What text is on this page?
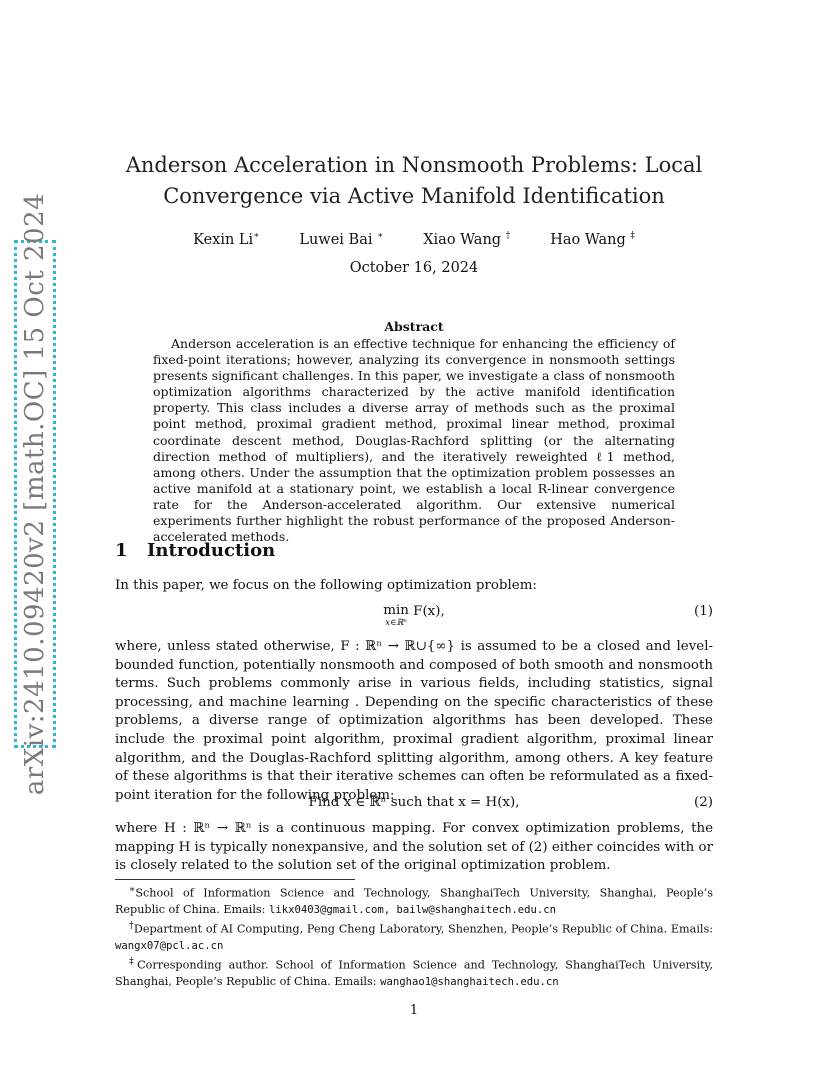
arXiv:2410.09420v2 [math.OC] 15 Oct 2024
Anderson Acceleration in Nonsmooth Problems: Local
Convergence via Active Manifold Identification
Kexin Li∗	Luwei Bai ∗	Xiao Wang †	Hao Wang ‡
October 16, 2024
Abstract
Anderson acceleration is an effective technique for enhancing the efficiency of fixed-point iterations; however, analyzing its convergence in nonsmooth settings presents significant challenges. In this paper, we investigate a class of nonsmooth optimization algorithms characterized by the active manifold identification property. This class includes a diverse array of methods such as the proximal point method, proximal gradient method, proximal linear method, proximal coordinate descent method, Douglas-Rachford splitting (or the alternating direction method of multipliers), and the iteratively reweighted ℓ1 method, among others. Under the assumption that the optimization problem possesses an active manifold at a stationary point, we establish a local R-linear convergence rate for the Anderson-accelerated algorithm. Our extensive numerical experiments further highlight the robust performance of the proposed Anderson-accelerated methods.
1 Introduction
In this paper, we focus on the following optimization problem:
min
x∈ℝⁿ
F(x),	(1)
where, unless stated otherwise, F : ℝⁿ → ℝ∪{∞} is assumed to be a closed and level-bounded function, potentially nonsmooth and composed of both smooth and nonsmooth terms. Such problems commonly arise in various fields, including statistics, signal processing, and machine learning . Depending on the specific characteristics of these problems, a diverse range of optimization algorithms has been developed. These include the proximal point algorithm, proximal gradient algorithm, proximal linear algorithm, and the Douglas-Rachford splitting algorithm, among others. A key feature of these algorithms is that their iterative schemes can often be reformulated as a fixed-point iteration for the following problem:
Find x ∈ ℝⁿ such that x = H(x),	(2)
where H : ℝⁿ → ℝⁿ is a continuous mapping. For convex optimization problems, the mapping H is typically nonexpansive, and the solution set of (2) either coincides with or is closely related to the solution set of the original optimization problem.

∗School of Information Science and Technology, ShanghaiTech University, Shanghai, People’s Republic of China. Emails: likx0403@gmail.com, bailw@shanghaitech.edu.cn

†Department of AI Computing, Peng Cheng Laboratory, Shenzhen, People’s Republic of China. Emails: wangx07@pcl.ac.cn

‡Corresponding author. School of Information Science and Technology, ShanghaiTech University, Shanghai, People’s Republic of China. Emails: wanghao1@shanghaitech.edu.cn

1
